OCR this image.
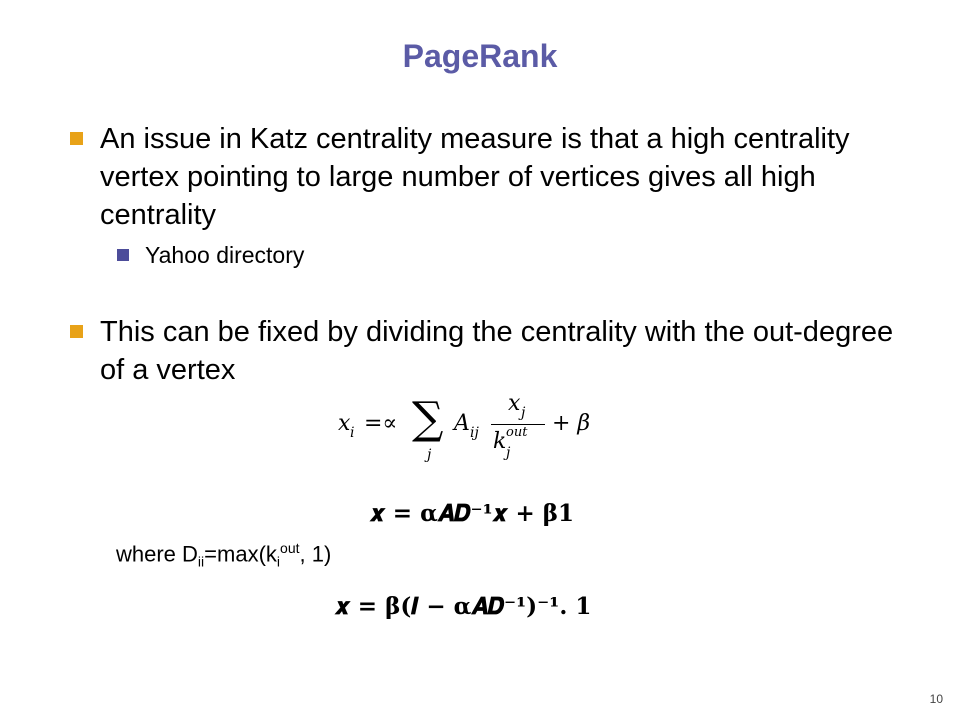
PageRank
An issue in Katz centrality measure is that a high centrality vertex pointing to large number of vertices gives all high centrality
Yahoo directory
This can be fixed by dividing the centrality with the out-degree of a vertex
x i =∝ ∑
j
A ij
x j
k j
out + β
𝒙 = α𝑨𝑫⁻¹𝒙 + β𝟏
where $D_{ii}=\max(k_i^{out}$, 1)
𝒙 = β(𝑰 − α𝑨𝑫⁻¹)⁻¹. 𝟏
10
